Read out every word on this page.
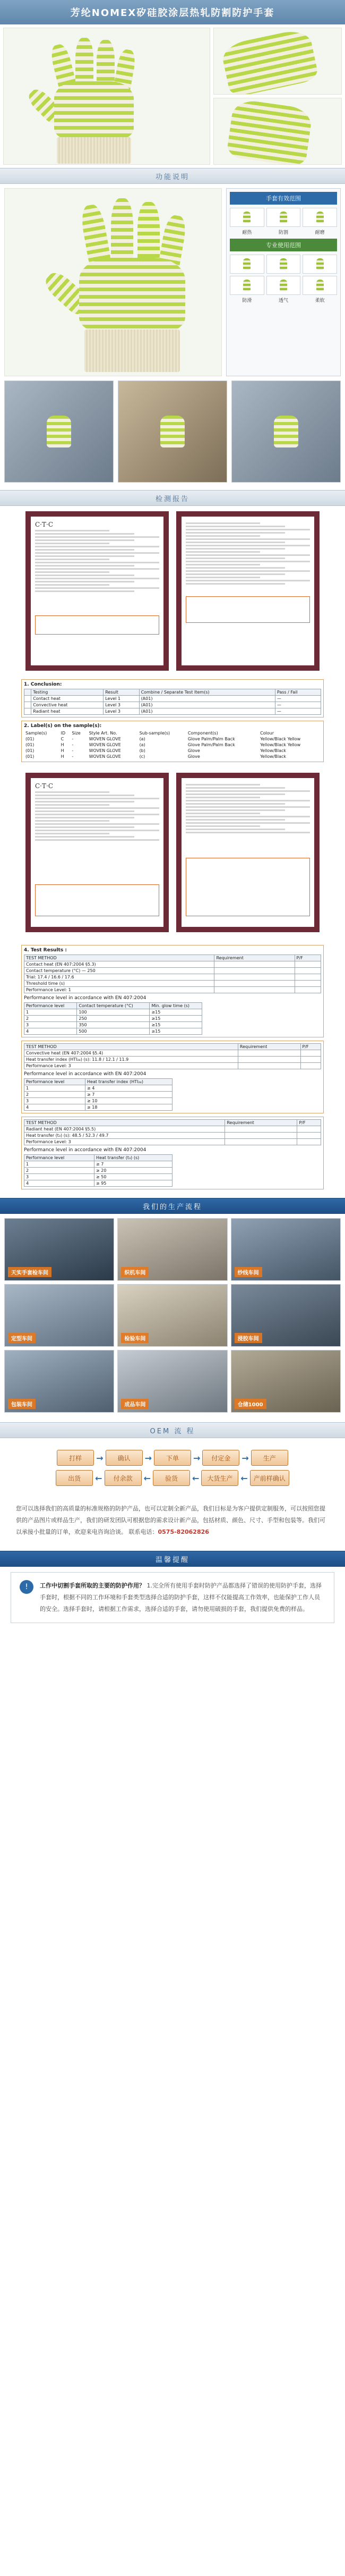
芳纶NOMEX矽硅胶涂层热轧防割防护手套
功能说明
手套有效范围
耐热	防割	耐磨
专业使用范围
防滑	透气	柔软
检测报告
C·T·C
1. Conclusion:
	Testing	Result	Combine / Separate Test Item(s)	Pass / Fail
	Contact heat	Level 1	(A01)	—
	Convective heat	Level 3	(A01)	—
	Radiant heat	Level 3	(A01)	—
2. Label(s) on the sample(s):
Sample(s)	ID	Size	Style Art. No.	Sub-sample(s)	Component(s)	Colour
(01)	C	-	WOVEN GLOVE	(a)	Glove Palm/Palm Back	Yellow/Black Yellow
(01)	H	-	WOVEN GLOVE	(a)	Glove Palm/Palm Back	Yellow/Black Yellow
(01)	H	-	WOVEN GLOVE	(b)	Glove	Yellow/Black
(01)	H	-	WOVEN GLOVE	(c)	Glove	Yellow/Black
C·T·C
4. Test Results :
TEST METHOD	Requirement	P/F
Contact heat (EN 407:2004 §5.3)		
Contact temperature (°C) — 250		
Trial: 17.4 / 16.6 / 17.6		
Threshold time (s)		
Performance Level: 1		
Performance level in accordance with EN 407:2004
Performance level	Contact temperature (°C)	Min. glow time (s)
1	100	≥15
2	250	≥15
3	350	≥15
4	500	≥15
TEST METHOD	Requirement	P/F
Convective heat (EN 407:2004 §5.4)		
Heat transfer index (HTI₂₄) (s): 11.8 / 12.1 / 11.9		
Performance Level: 3		
Performance level in accordance with EN 407:2004
Performance level	Heat transfer index (HTI₂₄)
1	≥ 4
2	≥ 7
3	≥ 10
4	≥ 18
TEST METHOD	Requirement	P/F
Radiant heat (EN 407:2004 §5.5)		
Heat transfer (t₃) (s): 48.5 / 52.3 / 49.7		
Performance Level: 3		
Performance level in accordance with EN 407:2004
Performance level	Heat transfer (t₃) (s)
1	≥ 7
2	≥ 20
3	≥ 50
4	≥ 95
我们的生产流程
天实手套检车间	织机车间	纱线车间
定型车间	检验车间	浸胶车间
包装车间	成品车间	仓储1000
OEM 流 程
打样	→	确认	→	下单	→	付定金	→	生产
出货	←	付余款	←	验货	←	大货生产 ← 产前样确认
您可以选择我们的高质量的标准规格的防护产品，也可以定制全新产品，我们目标是为客户提供定制服务，可以按照您提供的产品图片或样品生产，我们的研发团队可根据您的需求设计新产品，包括材质、颜色、尺寸、手型和包装等。我们可以承接小批量的订单，欢迎来电咨询洽谈。 联系电话：0575-82062826
温馨提醒
!	工作中切割手套所取的主要的防护作用？ 1.完全所有使用手套时防护产品都选择了错误的使用防护手套，选择手套时，根据不同的工作环境和手套类型选择合适的防护手套，这样不仅能提高工作效率，也能保护工作人员的安全。选择手套时，请根据工作需求，选择合适的手套，请勿使用破损的手套，我们提供免费的样品。
